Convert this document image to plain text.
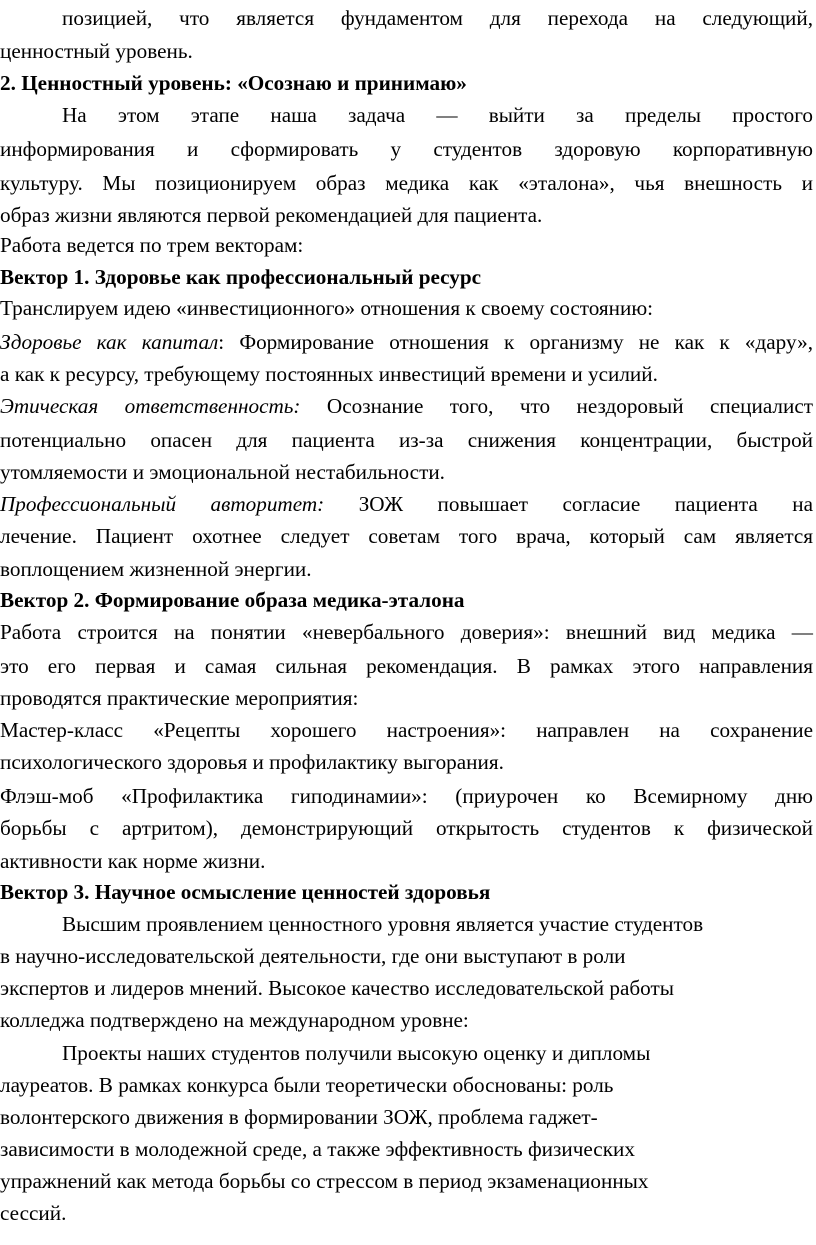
позицией, что является фундаментом для перехода на следующий,
ценностный уровень.
2. Ценностный уровень: «Осознаю и принимаю»
На этом этапе наша задача — выйти за пределы простого
информирования и сформировать у студентов здоровую корпоративную
культуру. Мы позиционируем образ медика как «эталона», чья внешность и
образ жизни являются первой рекомендацией для пациента.
Работа ведется по трем векторам:
Вектор 1. Здоровье как профессиональный ресурс
Транслируем идею «инвестиционного» отношения к своему состоянию:
Здоровье как капитал: Формирование отношения к организму не как к «дару»,
а как к ресурсу, требующему постоянных инвестиций времени и усилий.
Этическая ответственность: Осознание того, что нездоровый специалист
потенциально опасен для пациента из-за снижения концентрации, быстрой
утомляемости и эмоциональной нестабильности.
Профессиональный авторитет: ЗОЖ повышает согласие пациента на
лечение. Пациент охотнее следует советам того врача, который сам является
воплощением жизненной энергии.
Вектор 2. Формирование образа медика-эталона
Работа строится на понятии «невербального доверия»: внешний вид медика —
это его первая и самая сильная рекомендация. В рамках этого направления
проводятся практические мероприятия:
Мастер-класс «Рецепты хорошего настроения»: направлен на сохранение
психологического здоровья и профилактику выгорания.
Флэш-моб «Профилактика гиподинамии»: (приурочен ко Всемирному дню
борьбы с артритом), демонстрирующий открытость студентов к физической
активности как норме жизни.
Вектор 3. Научное осмысление ценностей здоровья
Высшим проявлением ценностного уровня является участие студентов
в научно-исследовательской деятельности, где они выступают в роли
экспертов и лидеров мнений. Высокое качество исследовательской работы
колледжа подтверждено на международном уровне:
Проекты наших студентов получили высокую оценку и дипломы
лауреатов. В рамках конкурса были теоретически обоснованы: роль
волонтерского движения в формировании ЗОЖ, проблема гаджет-
зависимости в молодежной среде, а также эффективность физических
упражнений как метода борьбы со стрессом в период экзаменационных
сессий.
